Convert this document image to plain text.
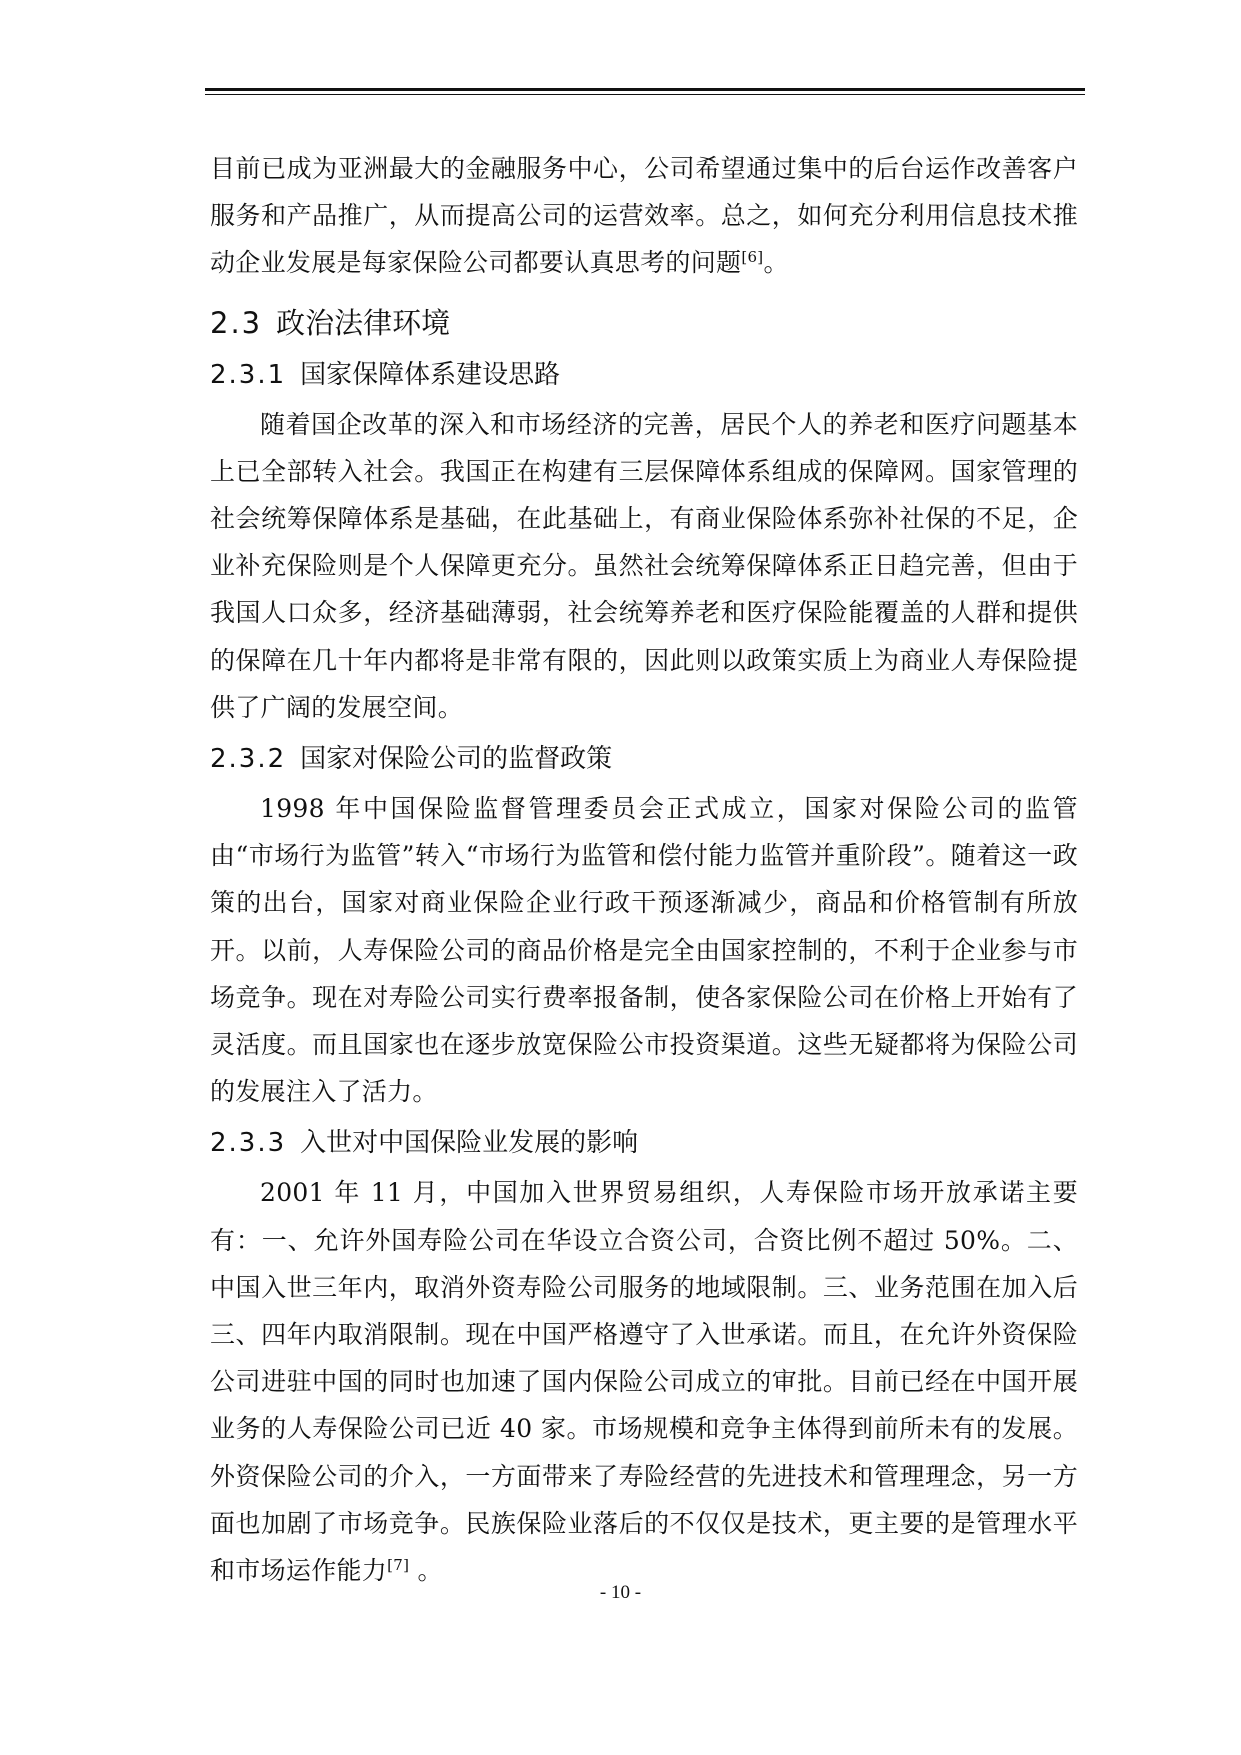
目前已成为亚洲最大的金融服务中心，公司希望通过集中的后台运作改善客户服务和产品推广，从而提高公司的运营效率。总之，如何充分利用信息技术推动企业发展是每家保险公司都要认真思考的问题[6]。

2.3 政治法律环境
2.3.1 国家保障体系建设思路

随着国企改革的深入和市场经济的完善，居民个人的养老和医疗问题基本上已全部转入社会。我国正在构建有三层保障体系组成的保障网。国家管理的社会统筹保障体系是基础，在此基础上，有商业保险体系弥补社保的不足，企业补充保险则是个人保障更充分。虽然社会统筹保障体系正日趋完善，但由于我国人口众多，经济基础薄弱，社会统筹养老和医疗保险能覆盖的人群和提供的保障在几十年内都将是非常有限的，因此则以政策实质上为商业人寿保险提供了广阔的发展空间。

2.3.2 国家对保险公司的监督政策

1998 年中国保险监督管理委员会正式成立，国家对保险公司的监管由“市场行为监管”转入“市场行为监管和偿付能力监管并重阶段”。随着这一政策的出台，国家对商业保险企业行政干预逐渐减少，商品和价格管制有所放开。以前，人寿保险公司的商品价格是完全由国家控制的，不利于企业参与市场竞争。现在对寿险公司实行费率报备制，使各家保险公司在价格上开始有了灵活度。而且国家也在逐步放宽保险公市投资渠道。这些无疑都将为保险公司的发展注入了活力。

2.3.3 入世对中国保险业发展的影响

2001 年 11 月，中国加入世界贸易组织，人寿保险市场开放承诺主要有：一、允许外国寿险公司在华设立合资公司，合资比例不超过 50%。二、中国入世三年内，取消外资寿险公司服务的地域限制。三、业务范围在加入后三、四年内取消限制。现在中国严格遵守了入世承诺。而且，在允许外资保险公司进驻中国的同时也加速了国内保险公司成立的审批。目前已经在中国开展业务的人寿保险公司已近 40 家。市场规模和竞争主体得到前所未有的发展。外资保险公司的介入，一方面带来了寿险经营的先进技术和管理理念，另一方面也加剧了市场竞争。民族保险业落后的不仅仅是技术，更主要的是管理水平和市场运作能力[7] 。

- 10 -
